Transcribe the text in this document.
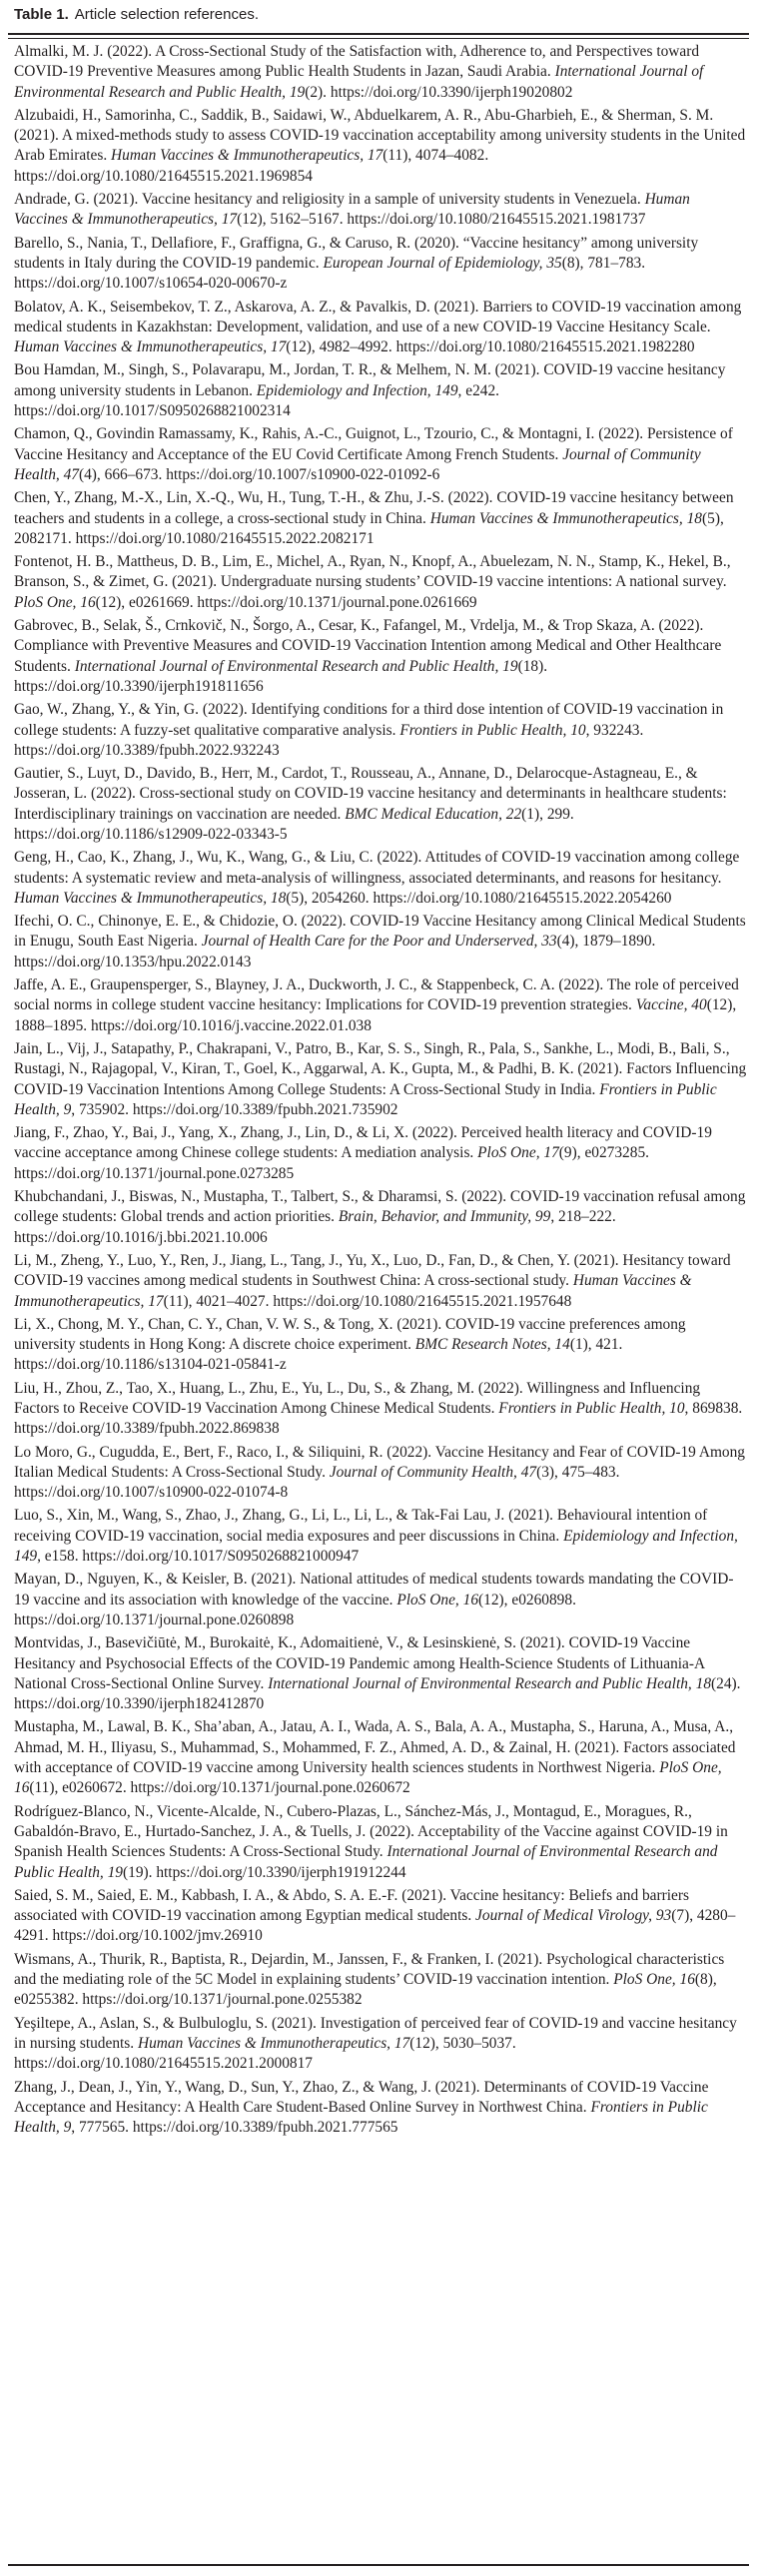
Table 1. Article selection references.
Almalki, M. J. (2022). A Cross-Sectional Study of the Satisfaction with, Adherence to, and Perspectives toward COVID-19 Preventive Measures among Public Health Students in Jazan, Saudi Arabia. International Journal of Environmental Research and Public Health, 19(2). https://doi.org/10.3390/ijerph19020802
Alzubaidi, H., Samorinha, C., Saddik, B., Saidawi, W., Abduelkarem, A. R., Abu-Gharbieh, E., & Sherman, S. M. (2021). A mixed-methods study to assess COVID-19 vaccination acceptability among university students in the United Arab Emirates. Human Vaccines & Immunotherapeutics, 17(11), 4074–4082. https://doi.org/10.1080/21645515.2021.1969854
Andrade, G. (2021). Vaccine hesitancy and religiosity in a sample of university students in Venezuela. Human Vaccines & Immunotherapeutics, 17(12), 5162–5167. https://doi.org/10.1080/21645515.2021.1981737
Barello, S., Nania, T., Dellafiore, F., Graffigna, G., & Caruso, R. (2020). “Vaccine hesitancy” among university students in Italy during the COVID-19 pandemic. European Journal of Epidemiology, 35(8), 781–783. https://doi.org/10.1007/s10654-020-00670-z
Bolatov, A. K., Seisembekov, T. Z., Askarova, A. Z., & Pavalkis, D. (2021). Barriers to COVID-19 vaccination among medical students in Kazakhstan: Development, validation, and use of a new COVID-19 Vaccine Hesitancy Scale. Human Vaccines & Immunotherapeutics, 17(12), 4982–4992. https://doi.org/10.1080/21645515.2021.1982280
Bou Hamdan, M., Singh, S., Polavarapu, M., Jordan, T. R., & Melhem, N. M. (2021). COVID-19 vaccine hesitancy among university students in Lebanon. Epidemiology and Infection, 149, e242. https://doi.org/10.1017/S0950268821002314
Chamon, Q., Govindin Ramassamy, K., Rahis, A.-C., Guignot, L., Tzourio, C., & Montagni, I. (2022). Persistence of Vaccine Hesitancy and Acceptance of the EU Covid Certificate Among French Students. Journal of Community Health, 47(4), 666–673. https://doi.org/10.1007/s10900-022-01092-6
Chen, Y., Zhang, M.-X., Lin, X.-Q., Wu, H., Tung, T.-H., & Zhu, J.-S. (2022). COVID-19 vaccine hesitancy between teachers and students in a college, a cross-sectional study in China. Human Vaccines & Immunotherapeutics, 18(5), 2082171. https://doi.org/10.1080/21645515.2022.2082171
Fontenot, H. B., Mattheus, D. B., Lim, E., Michel, A., Ryan, N., Knopf, A., Abuelezam, N. N., Stamp, K., Hekel, B., Branson, S., & Zimet, G. (2021). Undergraduate nursing students’ COVID-19 vaccine intentions: A national survey. PloS One, 16(12), e0261669. https://doi.org/10.1371/journal.pone.0261669
Gabrovec, B., Selak, Š., Crnkovič, N., Šorgo, A., Cesar, K., Fafangel, M., Vrdelja, M., & Trop Skaza, A. (2022). Compliance with Preventive Measures and COVID-19 Vaccination Intention among Medical and Other Healthcare Students. International Journal of Environmental Research and Public Health, 19(18). https://doi.org/10.3390/ijerph191811656
Gao, W., Zhang, Y., & Yin, G. (2022). Identifying conditions for a third dose intention of COVID-19 vaccination in college students: A fuzzy-set qualitative comparative analysis. Frontiers in Public Health, 10, 932243. https://doi.org/10.3389/fpubh.2022.932243
Gautier, S., Luyt, D., Davido, B., Herr, M., Cardot, T., Rousseau, A., Annane, D., Delarocque-Astagneau, E., & Josseran, L. (2022). Cross-sectional study on COVID-19 vaccine hesitancy and determinants in healthcare students: Interdisciplinary trainings on vaccination are needed. BMC Medical Education, 22(1), 299. https://doi.org/10.1186/s12909-022-03343-5
Geng, H., Cao, K., Zhang, J., Wu, K., Wang, G., & Liu, C. (2022). Attitudes of COVID-19 vaccination among college students: A systematic review and meta-analysis of willingness, associated determinants, and reasons for hesitancy. Human Vaccines & Immunotherapeutics, 18(5), 2054260. https://doi.org/10.1080/21645515.2022.2054260
Ifechi, O. C., Chinonye, E. E., & Chidozie, O. (2022). COVID-19 Vaccine Hesitancy among Clinical Medical Students in Enugu, South East Nigeria. Journal of Health Care for the Poor and Underserved, 33(4), 1879–1890. https://doi.org/10.1353/hpu.2022.0143
Jaffe, A. E., Graupensperger, S., Blayney, J. A., Duckworth, J. C., & Stappenbeck, C. A. (2022). The role of perceived social norms in college student vaccine hesitancy: Implications for COVID-19 prevention strategies. Vaccine, 40(12), 1888–1895. https://doi.org/10.1016/j.vaccine.2022.01.038
Jain, L., Vij, J., Satapathy, P., Chakrapani, V., Patro, B., Kar, S. S., Singh, R., Pala, S., Sankhe, L., Modi, B., Bali, S., Rustagi, N., Rajagopal, V., Kiran, T., Goel, K., Aggarwal, A. K., Gupta, M., & Padhi, B. K. (2021). Factors Influencing COVID-19 Vaccination Intentions Among College Students: A Cross-Sectional Study in India. Frontiers in Public Health, 9, 735902. https://doi.org/10.3389/fpubh.2021.735902
Jiang, F., Zhao, Y., Bai, J., Yang, X., Zhang, J., Lin, D., & Li, X. (2022). Perceived health literacy and COVID-19 vaccine acceptance among Chinese college students: A mediation analysis. PloS One, 17(9), e0273285. https://doi.org/10.1371/journal.pone.0273285
Khubchandani, J., Biswas, N., Mustapha, T., Talbert, S., & Dharamsi, S. (2022). COVID-19 vaccination refusal among college students: Global trends and action priorities. Brain, Behavior, and Immunity, 99, 218–222. https://doi.org/10.1016/j.bbi.2021.10.006
Li, M., Zheng, Y., Luo, Y., Ren, J., Jiang, L., Tang, J., Yu, X., Luo, D., Fan, D., & Chen, Y. (2021). Hesitancy toward COVID-19 vaccines among medical students in Southwest China: A cross-sectional study. Human Vaccines & Immunotherapeutics, 17(11), 4021–4027. https://doi.org/10.1080/21645515.2021.1957648
Li, X., Chong, M. Y., Chan, C. Y., Chan, V. W. S., & Tong, X. (2021). COVID-19 vaccine preferences among university students in Hong Kong: A discrete choice experiment. BMC Research Notes, 14(1), 421. https://doi.org/10.1186/s13104-021-05841-z
Liu, H., Zhou, Z., Tao, X., Huang, L., Zhu, E., Yu, L., Du, S., & Zhang, M. (2022). Willingness and Influencing Factors to Receive COVID-19 Vaccination Among Chinese Medical Students. Frontiers in Public Health, 10, 869838. https://doi.org/10.3389/fpubh.2022.869838
Lo Moro, G., Cugudda, E., Bert, F., Raco, I., & Siliquini, R. (2022). Vaccine Hesitancy and Fear of COVID-19 Among Italian Medical Students: A Cross-Sectional Study. Journal of Community Health, 47(3), 475–483. https://doi.org/10.1007/s10900-022-01074-8
Luo, S., Xin, M., Wang, S., Zhao, J., Zhang, G., Li, L., Li, L., & Tak-Fai Lau, J. (2021). Behavioural intention of receiving COVID-19 vaccination, social media exposures and peer discussions in China. Epidemiology and Infection, 149, e158. https://doi.org/10.1017/S0950268821000947
Mayan, D., Nguyen, K., & Keisler, B. (2021). National attitudes of medical students towards mandating the COVID-19 vaccine and its association with knowledge of the vaccine. PloS One, 16(12), e0260898. https://doi.org/10.1371/journal.pone.0260898
Montvidas, J., Basevičiūtė, M., Burokaitė, K., Adomaitienė, V., & Lesinskienė, S. (2021). COVID-19 Vaccine Hesitancy and Psychosocial Effects of the COVID-19 Pandemic among Health-Science Students of Lithuania-A National Cross-Sectional Online Survey. International Journal of Environmental Research and Public Health, 18(24). https://doi.org/10.3390/ijerph182412870
Mustapha, M., Lawal, B. K., Sha’aban, A., Jatau, A. I., Wada, A. S., Bala, A. A., Mustapha, S., Haruna, A., Musa, A., Ahmad, M. H., Iliyasu, S., Muhammad, S., Mohammed, F. Z., Ahmed, A. D., & Zainal, H. (2021). Factors associated with acceptance of COVID-19 vaccine among University health sciences students in Northwest Nigeria. PloS One, 16(11), e0260672. https://doi.org/10.1371/journal.pone.0260672
Rodríguez-Blanco, N., Vicente-Alcalde, N., Cubero-Plazas, L., Sánchez-Más, J., Montagud, E., Moragues, R., Gabaldón-Bravo, E., Hurtado-Sanchez, J. A., & Tuells, J. (2022). Acceptability of the Vaccine against COVID-19 in Spanish Health Sciences Students: A Cross-Sectional Study. International Journal of Environmental Research and Public Health, 19(19). https://doi.org/10.3390/ijerph191912244
Saied, S. M., Saied, E. M., Kabbash, I. A., & Abdo, S. A. E.-F. (2021). Vaccine hesitancy: Beliefs and barriers associated with COVID-19 vaccination among Egyptian medical students. Journal of Medical Virology, 93(7), 4280–4291. https://doi.org/10.1002/jmv.26910
Wismans, A., Thurik, R., Baptista, R., Dejardin, M., Janssen, F., & Franken, I. (2021). Psychological characteristics and the mediating role of the 5C Model in explaining students’ COVID-19 vaccination intention. PloS One, 16(8), e0255382. https://doi.org/10.1371/journal.pone.0255382
Yeşiltepe, A., Aslan, S., & Bulbuloglu, S. (2021). Investigation of perceived fear of COVID-19 and vaccine hesitancy in nursing students. Human Vaccines & Immunotherapeutics, 17(12), 5030–5037. https://doi.org/10.1080/21645515.2021.2000817
Zhang, J., Dean, J., Yin, Y., Wang, D., Sun, Y., Zhao, Z., & Wang, J. (2021). Determinants of COVID-19 Vaccine Acceptance and Hesitancy: A Health Care Student-Based Online Survey in Northwest China. Frontiers in Public Health, 9, 777565. https://doi.org/10.3389/fpubh.2021.777565
